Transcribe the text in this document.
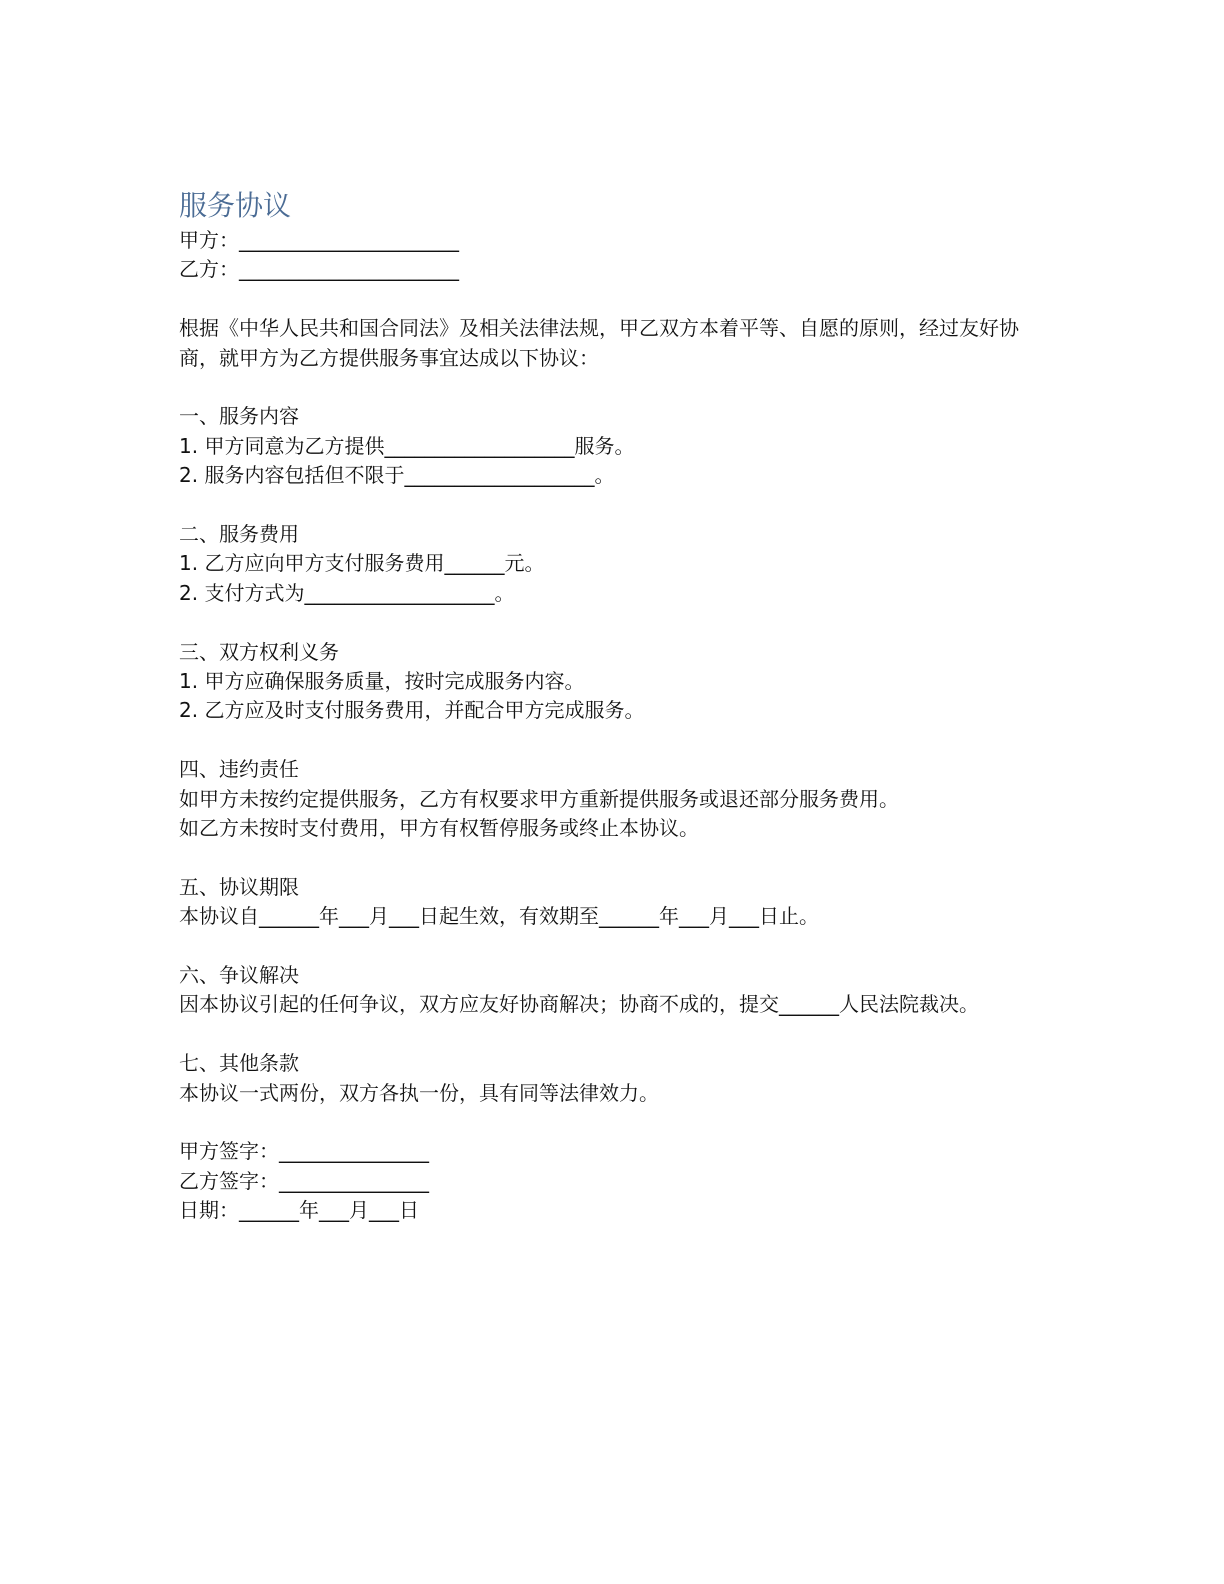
服务协议
甲方：______________________
乙方：______________________

根据《中华人民共和国合同法》及相关法律法规，甲乙双方本着平等、自愿的原则，经过友好协商，就甲方为乙方提供服务事宜达成以下协议：

一、服务内容
1. 甲方同意为乙方提供___________________服务。
2. 服务内容包括但不限于___________________。
二、服务费用
1. 乙方应向甲方支付服务费用______元。
2. 支付方式为___________________。
三、双方权利义务
1. 甲方应确保服务质量，按时完成服务内容。
2. 乙方应及时支付服务费用，并配合甲方完成服务。
四、违约责任
如甲方未按约定提供服务，乙方有权要求甲方重新提供服务或退还部分服务费用。
如乙方未按时支付费用，甲方有权暂停服务或终止本协议。
五、协议期限
本协议自______年___月___日起生效，有效期至______年___月___日止。
六、争议解决

因本协议引起的任何争议，双方应友好协商解决；协商不成的，提交______人民法院裁决。

七、其他条款
本协议一式两份，双方各执一份，具有同等法律效力。
甲方签字：_______________
乙方签字：_______________
日期：______年___月___日
